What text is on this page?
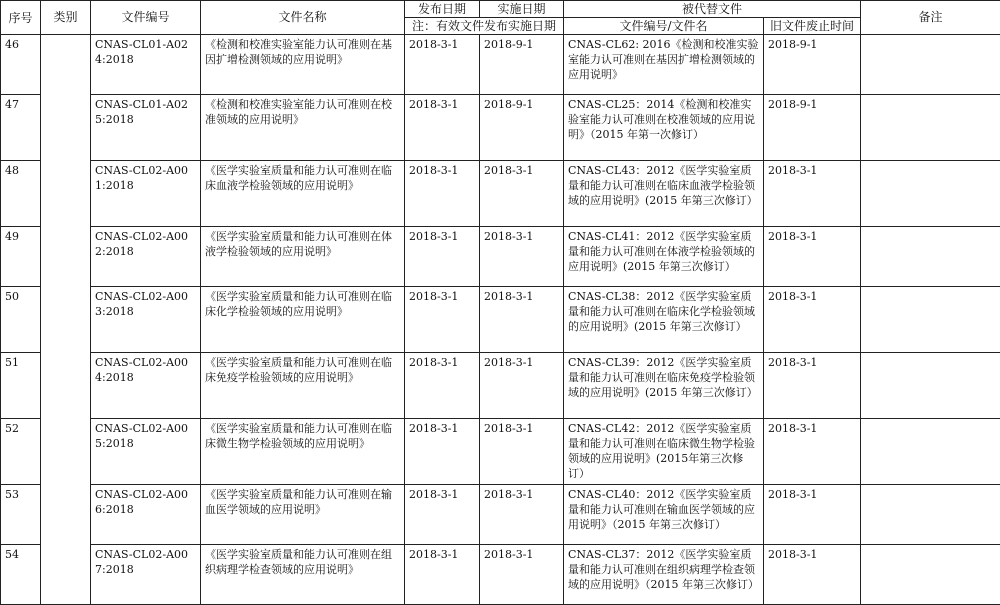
序号	类别	文件编号	文件名称	发布日期	实施日期	被代替文件		备注
				注：有效文件发布实施日期		文件编号/文件名	旧文件废止时间	
46		CNAS-CL01-A024:2018	《检测和校准实验室能力认可准则在基因扩增检测领域的应用说明》	2018-3-1	2018-9-1	CNAS-CL62: 2016《检测和校准实验室能力认可准则在基因扩增检测领域的应用说明》	2018-9-1	
47		CNAS-CL01-A025:2018	《检测和校准实验室能力认可准则在校准领域的应用说明》	2018-3-1	2018-9-1	CNAS-CL25：2014《检测和校准实验室能力认可准则在校准领域的应用说明》（2015 年第一次修订）	2018-9-1	
48		CNAS-CL02-A001:2018	《医学实验室质量和能力认可准则在临床血液学检验领域的应用说明》	2018-3-1	2018-3-1	CNAS-CL43：2012《医学实验室质量和能力认可准则在临床血液学检验领域的应用说明》(2015 年第三次修订）	2018-3-1	
49		CNAS-CL02-A002:2018	《医学实验室质量和能力认可准则在体液学检验领域的应用说明》	2018-3-1	2018-3-1	CNAS-CL41：2012《医学实验室质量和能力认可准则在体液学检验领域的应用说明》(2015 年第三次修订）	2018-3-1	
50		CNAS-CL02-A003:2018	《医学实验室质量和能力认可准则在临床化学检验领域的应用说明》	2018-3-1	2018-3-1	CNAS-CL38：2012《医学实验室质量和能力认可准则在临床化学检验领域的应用说明》(2015 年第三次修订）	2018-3-1	
51		CNAS-CL02-A004:2018	《医学实验室质量和能力认可准则在临床免疫学检验领域的应用说明》	2018-3-1	2018-3-1	CNAS-CL39：2012《医学实验室质量和能力认可准则在临床免疫学检验领域的应用说明》(2015 年第三次修订）	2018-3-1	
52		CNAS-CL02-A005:2018	《医学实验室质量和能力认可准则在临床微生物学检验领域的应用说明》	2018-3-1	2018-3-1	CNAS-CL42：2012《医学实验室质量和能力认可准则在临床微生物学检验领域的应用说明》(2015年第三次修订）	2018-3-1	
53		CNAS-CL02-A006:2018	《医学实验室质量和能力认可准则在输血医学领域的应用说明》	2018-3-1	2018-3-1	CNAS-CL40：2012《医学实验室质量和能力认可准则在输血医学领域的应用说明》（2015 年第三次修订）	2018-3-1	
54		CNAS-CL02-A007:2018	《医学实验室质量和能力认可准则在组织病理学检查领域的应用说明》	2018-3-1	2018-3-1	CNAS-CL37：2012《医学实验室质量和能力认可准则在组织病理学检查领域的应用说明》（2015 年第三次修订）	2018-3-1	
